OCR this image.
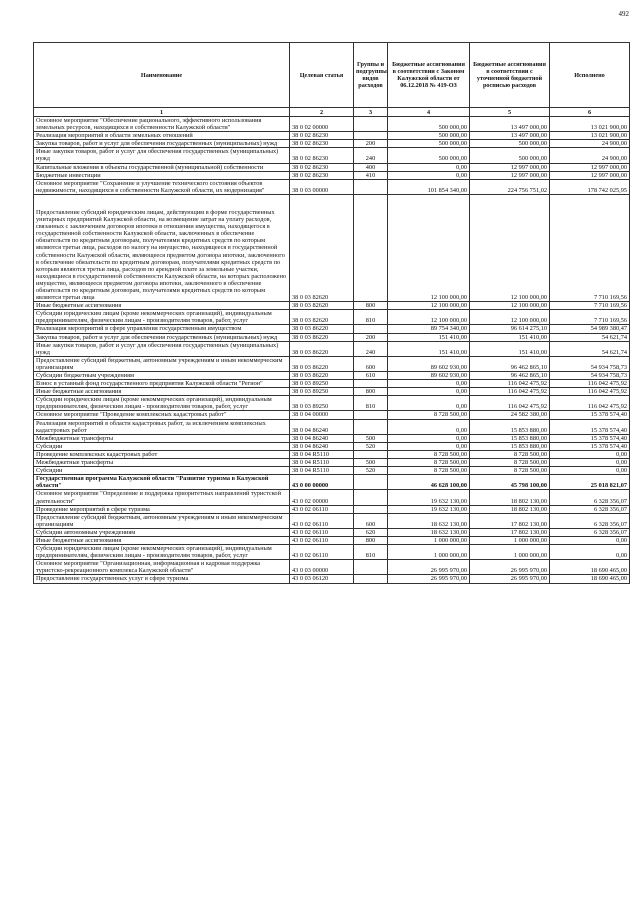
492
Наименование	Целевая статья	Группы и подгруппы видов расходов	Бюджетные ассигнования в соответствии с Законом Калужской области от 06.12.2018 № 419-ОЗ	Бюджетные ассигнования в соответствии с уточненной бюджетной росписью расходов	Исполнено
1	2	3	4	5	6
Основное мероприятие "Обеспечение рационального, эффективного использования земельных ресурсов, находящихся в собственности Калужской области"	38 0 02 00000		500 000,00	13 497 000,00	13 021 900,00
Реализация мероприятий в области земельных отношений	38 0 02 86230		500 000,00	13 497 000,00	13 021 900,00
Закупка товаров, работ и услуг для обеспечения государственных (муниципальных) нужд	38 0 02 86230	200	500 000,00	500 000,00	24 900,00
Иные закупки товаров, работ и услуг для обеспечения государственных (муниципальных) нужд	38 0 02 86230	240	500 000,00	500 000,00	24 900,00
Капитальные вложения в объекты государственной (муниципальной) собственности	38 0 02 86230	400	0,00	12 997 000,00	12 997 000,00
Бюджетные инвестиции	38 0 02 86230	410	0,00	12 997 000,00	12 997 000,00
Основное мероприятие "Сохранение и улучшение технического состояния объектов недвижимости, находящихся в собственности Калужской области, их модернизация"	38 0 03 00000		101 854 340,00	224 756 751,02	178 742 025,95
Предоставление субсидий юридическим лицам, действующим в форме государственных унитарных предприятий Калужской области, на возмещение затрат на уплату расходов, связанных с заключением договоров ипотеки в отношении имущества, находящегося в государственной собственности Калужской области, заключенных в обеспечение обязательств по кредитным договорам, получателями кредитных средств по которым являются третьи лица, расходов по налогу на имущество, находящееся в государственной собственности Калужской области, являющееся предметом договора ипотеки, заключенного в обеспечение обязательств по кредитным договорам, получателями кредитных средств по которым являются третьи лица, расходов по арендной плате за земельные участки, находящиеся в государственной собственности Калужской области, на которых расположено имущество, являющееся предметом договора ипотеки, заключенного в обеспечение обязательств по кредитным договорам, получателями кредитных средств по которым являются третьи лица	38 0 03 82620		12 100 000,00	12 100 000,00	7 710 169,56
Иные бюджетные ассигнования	38 0 03 82620	800	12 100 000,00	12 100 000,00	7 710 169,56
Субсидии юридическим лицам (кроме некоммерческих организаций), индивидуальным предпринимателям, физическим лицам - производителям товаров, работ, услуг	38 0 03 82620	810	12 100 000,00	12 100 000,00	7 710 169,56
Реализация мероприятий в сфере управления государственным имуществом	38 0 03 86220		89 754 340,00	96 614 275,10	54 989 380,47
Закупка товаров, работ и услуг для обеспечения государственных (муниципальных) нужд	38 0 03 86220	200	151 410,00	151 410,00	54 621,74
Иные закупки товаров, работ и услуг для обеспечения государственных (муниципальных) нужд	38 0 03 86220	240	151 410,00	151 410,00	54 621,74
Предоставление субсидий бюджетным, автономным учреждениям и иным некоммерческим организациям	38 0 03 86220	600	89 602 930,00	96 462 865,10	54 934 758,73
Субсидии бюджетным учреждениям	38 0 03 86220	610	89 602 930,00	96 462 865,10	54 934 758,73
Взнос в уставный фонд государственного предприятия Калужской области "Регион"	38 0 03 89250		0,00	116 042 475,92	116 042 475,92
Иные бюджетные ассигнования	38 0 03 89250	800	0,00	116 042 475,92	116 042 475,92
Субсидии юридическим лицам (кроме некоммерческих организаций), индивидуальным предпринимателям, физическим лицам - производителям товаров, работ, услуг	38 0 03 89250	810	0,00	116 042 475,92	116 042 475,92
Основное мероприятие "Проведение комплексных кадастровых работ"	38 0 04 00000		8 728 500,00	24 582 380,00	15 378 574,40
Реализация мероприятий в области кадастровых работ, за исключением комплексных кадастровых работ	38 0 04 86240		0,00	15 853 880,00	15 378 574,40
Межбюджетные трансферты	38 0 04 86240	500	0,00	15 853 880,00	15 378 574,40
Субсидии	38 0 04 86240	520	0,00	15 853 880,00	15 378 574,40
Проведение комплексных кадастровых работ	38 0 04 R5110		8 728 500,00	8 728 500,00	0,00
Межбюджетные трансферты	38 0 04 R5110	500	8 728 500,00	8 728 500,00	0,00
Субсидии	38 0 04 R5110	520	8 728 500,00	8 728 500,00	0,00
Государственная программа Калужской области "Развитие туризма в Калужской области"	43 0 00 00000		46 628 100,00	45 798 100,00	25 018 821,07
Основное мероприятие "Определение и поддержка приоритетных направлений туристской деятельности"	43 0 02 00000		19 632 130,00	18 802 130,00	6 328 356,07
Проведение мероприятий в сфере туризма	43 0 02 06110		19 632 130,00	18 802 130,00	6 328 356,07
Предоставление субсидий бюджетным, автономным учреждениям и иным некоммерческим организациям	43 0 02 06110	600	18 632 130,00	17 802 130,00	6 328 356,07
Субсидии автономным учреждениям	43 0 02 06110	620	18 632 130,00	17 802 130,00	6 328 356,07
Иные бюджетные ассигнования	43 0 02 06110	800	1 000 000,00	1 000 000,00	0,00
Субсидии юридическим лицам (кроме некоммерческих организаций), индивидуальным предпринимателям, физическим лицам - производителям товаров, работ, услуг	43 0 02 06110	810	1 000 000,00	1 000 000,00	0,00
Основное мероприятие "Организационная, информационная и кадровая поддержка туристско-рекреационного комплекса Калужской области"	43 0 03 00000		26 995 970,00	26 995 970,00	18 690 465,00
Предоставление государственных услуг в сфере туризма	43 0 03 06120		26 995 970,00	26 995 970,00	18 690 465,00
